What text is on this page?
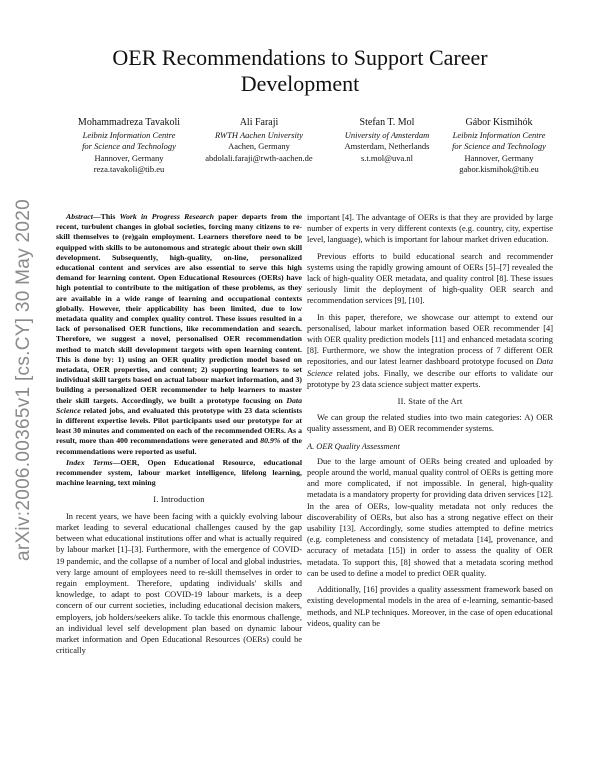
arXiv:2006.00365v1 [cs.CY] 30 May 2020
OER Recommendations to Support Career
Development
Mohammadreza Tavakoli
Leibniz Information Centre
for Science and Technology
Hannover, Germany
reza.tavakoli@tib.eu
Ali Faraji
RWTH Aachen University
Aachen, Germany
abdolali.faraji@rwth-aachen.de
Stefan T. Mol
University of Amsterdam
Amsterdam, Netherlands
s.t.mol@uva.nl
Gábor Kismihók
Leibniz Information Centre
for Science and Technology
Hannover, Germany
gabor.kismihok@tib.eu

Abstract—This Work in Progress Research paper departs from the recent, turbulent changes in global societies, forcing many citizens to re-skill themselves to (re)gain employment. Learners therefore need to be equipped with skills to be autonomous and strategic about their own skill development. Subsequently, high-quality, on-line, personalized educational content and services are also essential to serve this high demand for learning content. Open Educational Resources (OERs) have high potential to contribute to the mitigation of these problems, as they are available in a wide range of learning and occupational contexts globally. However, their applicability has been limited, due to low metadata quality and complex quality control. These issues resulted in a lack of personalised OER functions, like recommendation and search. Therefore, we suggest a novel, personalised OER recommendation method to match skill development targets with open learning content. This is done by: 1) using an OER quality prediction model based on metadata, OER properties, and content; 2) supporting learners to set individual skill targets based on actual labour market information, and 3) building a personalized OER recommender to help learners to master their skill targets. Accordingly, we built a prototype focusing on Data Science related jobs, and evaluated this prototype with 23 data scientists in different expertise levels. Pilot participants used our prototype for at least 30 minutes and commented on each of the recommended OERs. As a result, more than 400 recommendations were generated and 80.9% of the recommendations were reported as useful.

Index Terms—OER, Open Educational Resource, educational recommender system, labour market intelligence, lifelong learning, machine learning, text mining

I. Introduction

In recent years, we have been facing with a quickly evolving labour market leading to several educational challenges caused by the gap between what educational institutions offer and what is actually required by labour market [1]–[3]. Furthermore, with the emergence of COVID-19 pandemic, and the collapse of a number of local and global industries, very large amount of employees need to re-skill themselves in order to regain employment. Therefore, updating individuals' skills and knowledge, to adapt to post COVID-19 labour markets, is a deep concern of our current societies, including educational decision makers, employers, job holders/seekers alike. To tackle this enormous challenge, an individual level self development plan based on dynamic labour market information and Open Educational Resources (OERs) could be critically

important [4]. The advantage of OERs is that they are provided by large number of experts in very different contexts (e.g. country, city, expertise level, language), which is important for labour market driven education.

Previous efforts to build educational search and recommender systems using the rapidly growing amount of OERs [5]–[7] revealed the lack of high-quality OER metadata, and quality control [8]. These issues seriously limit the deployment of high-quality OER search and recommendation services [9], [10].

In this paper, therefore, we showcase our attempt to extend our personalised, labour market information based OER recommender [4] with OER quality prediction models [11] and enhanced metadata scoring [8]. Furthermore, we show the integration process of 7 different OER repositories, and our latest learner dashboard prototype focused on Data Science related jobs. Finally, we describe our efforts to validate our prototype by 23 data science subject matter experts.

II. State of the Art

We can group the related studies into two main categories: A) OER quality assessment, and B) OER recommender systems.

A. OER Quality Assessment

Due to the large amount of OERs being created and uploaded by people around the world, manual quality control of OERs is getting more and more complicated, if not impossible. In general, high-quality metadata is a mandatory property for providing data driven services [12]. In the area of OERs, low-quality metadata not only reduces the discoverability of OERs, but also has a strong negative effect on their usability [13]. Accordingly, some studies attempted to define metrics (e.g. completeness and consistency of metadata [14], provenance, and accuracy of metadata [15]) in order to assess the quality of OER metadata. To support this, [8] showed that a metadata scoring method can be used to define a model to predict OER quality.

Additionally, [16] provides a quality assessment framework based on existing developmental models in the area of e-learning, semantic-based methods, and NLP techniques. Moreover, in the case of open educational videos, quality can be
